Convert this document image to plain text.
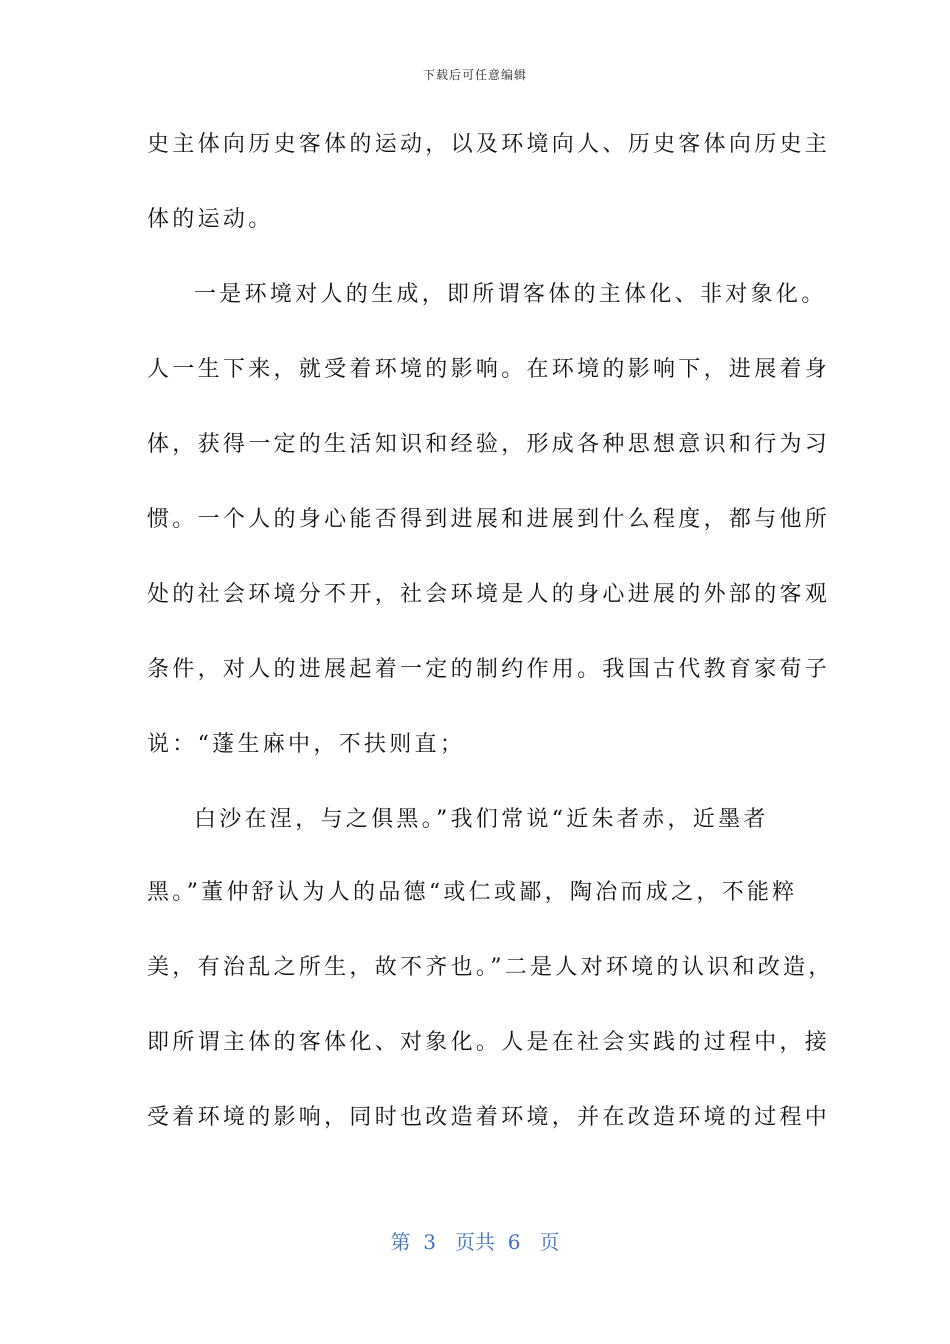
下载后可任意编辑
史主体向历史客体的运动，以及环境向人、历史客体向历史主
体的运动。
一是环境对人的生成，即所谓客体的主体化、非对象化。
人一生下来，就受着环境的影响。在环境的影响下，进展着身
体，获得一定的生活知识和经验，形成各种思想意识和行为习
惯。一个人的身心能否得到进展和进展到什么程度，都与他所
处的社会环境分不开，社会环境是人的身心进展的外部的客观
条件，对人的进展起着一定的制约作用。我国古代教育家荀子
说：“蓬生麻中，不扶则直；
白沙在涅，与之俱黑。”我们常说“近朱者赤，近墨者
黑。”董仲舒认为人的品德“或仁或鄙，陶冶而成之，不能粹
美，有治乱之所生，故不齐也。”二是人对环境的认识和改造，
即所谓主体的客体化、对象化。人是在社会实践的过程中，接
受着环境的影响，同时也改造着环境，并在改造环境的过程中
第  3   页共  6   页
